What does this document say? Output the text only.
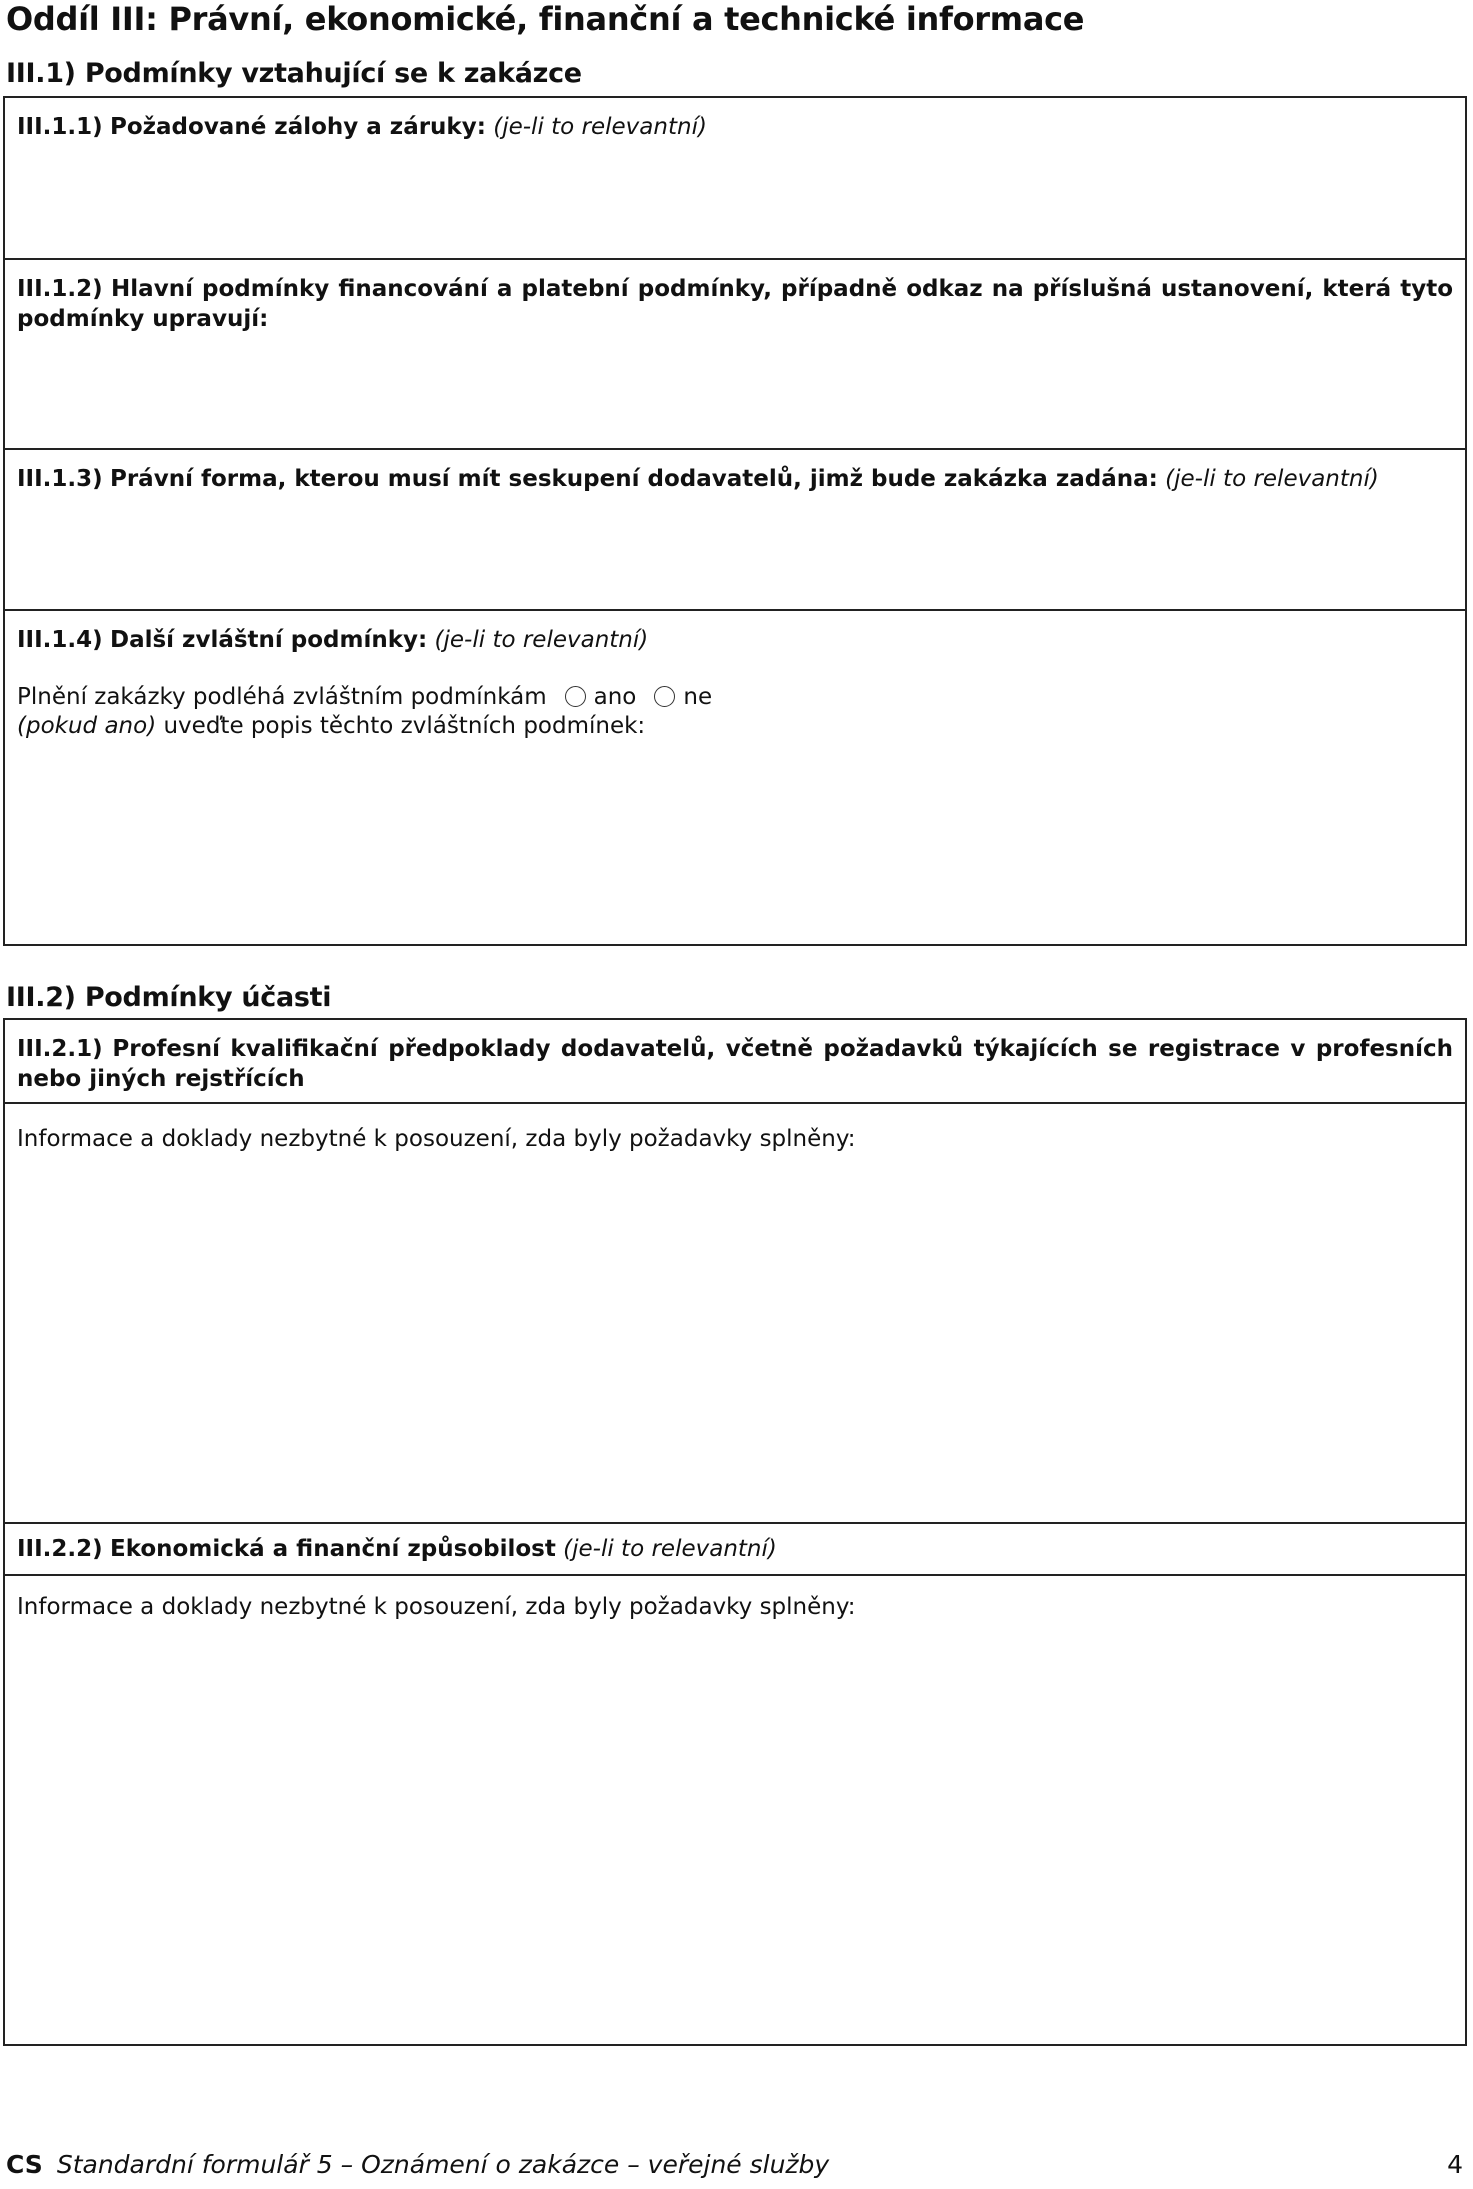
Oddíl III: Právní, ekonomické, finanční a technické informace
III.1) Podmínky vztahující se k zakázce
III.1.1) Požadované zálohy a záruky: (je-li to relevantní)
III.1.2) Hlavní podmínky financování a platební podmínky, případně odkaz na příslušná ustanovení, která tyto podmínky upravují:
III.1.3) Právní forma, kterou musí mít seskupení dodavatelů, jimž bude zakázka zadána: (je-li to relevantní)
III.1.4) Další zvláštní podmínky: (je-li to relevantní)
Plnění zakázky podléhá zvláštním podmínkám ano ne
(pokud ano) uveďte popis těchto zvláštních podmínek:
III.2) Podmínky účasti
III.2.1) Profesní kvalifikační předpoklady dodavatelů, včetně požadavků týkajících se registrace v profesních nebo jiných rejstřících
Informace a doklady nezbytné k posouzení, zda byly požadavky splněny:
III.2.2) Ekonomická a finanční způsobilost (je-li to relevantní)
Informace a doklady nezbytné k posouzení, zda byly požadavky splněny:
CS Standardní formulář 5 – Oznámení o zakázce – veřejné služby	4
